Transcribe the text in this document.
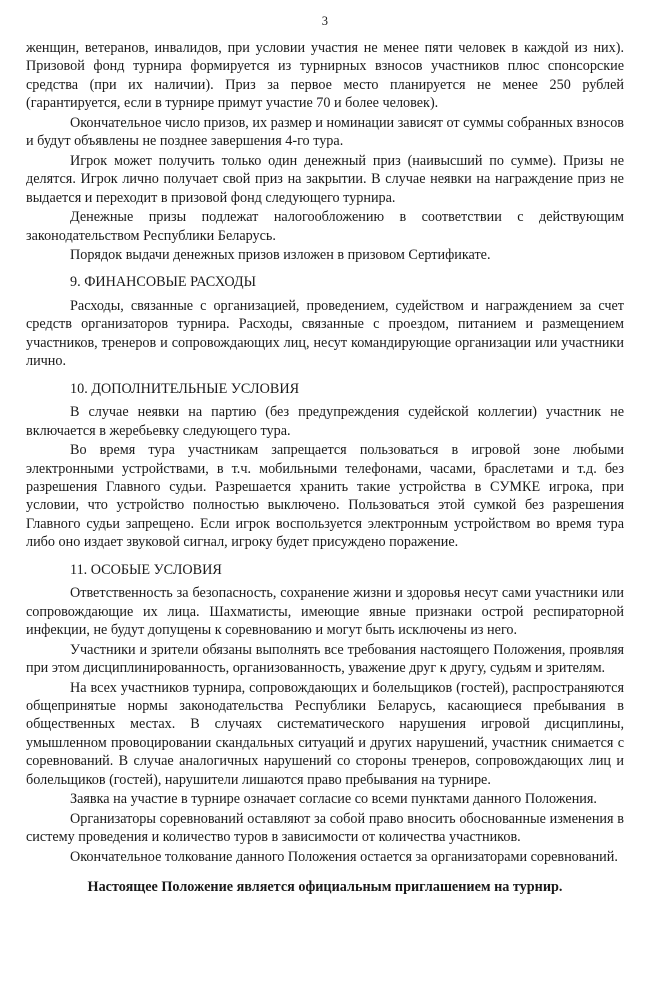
3

женщин, ветеранов, инвалидов, при условии участия не менее пяти человек в каждой из них). Призовой фонд турнира формируется из турнирных взносов участников плюс спонсорские средства (при их наличии). Приз за первое место планируется не менее 250 рублей (гарантируется, если в турнире примут участие 70 и более человек).

Окончательное число призов, их размер и номинации зависят от суммы собранных взносов и будут объявлены не позднее завершения 4-го тура.

Игрок может получить только один денежный приз (наивысший по сумме). Призы не делятся. Игрок лично получает свой приз на закрытии. В случае неявки на награждение приз не выдается и переходит в призовой фонд следующего турнира.

Денежные призы подлежат налогообложению в соответствии с действующим законодательством Республики Беларусь.

Порядок выдачи денежных призов изложен в призовом Сертификате.

9. ФИНАНСОВЫЕ РАСХОДЫ

Расходы, связанные с организацией, проведением, судейством и награждением за счет средств организаторов турнира. Расходы, связанные с проездом, питанием и размещением участников, тренеров и сопровождающих лиц, несут командирующие организации или участники лично.

10. ДОПОЛНИТЕЛЬНЫЕ УСЛОВИЯ

В случае неявки на партию (без предупреждения судейской коллегии) участник не включается в жеребьевку следующего тура.

Во время тура участникам запрещается пользоваться в игровой зоне любыми электронными устройствами, в т.ч. мобильными телефонами, часами, браслетами и т.д. без разрешения Главного судьи. Разрешается хранить такие устройства в СУМКЕ игрока, при условии, что устройство полностью выключено. Пользоваться этой сумкой без разрешения Главного судьи запрещено. Если игрок воспользуется электронным устройством во время тура либо оно издает звуковой сигнал, игроку будет присуждено поражение.

11. ОСОБЫЕ УСЛОВИЯ

Ответственность за безопасность, сохранение жизни и здоровья несут сами участники или сопровождающие их лица. Шахматисты, имеющие явные признаки острой респираторной инфекции, не будут допущены к соревнованию и могут быть исключены из него.

Участники и зрители обязаны выполнять все требования настоящего Положения, проявляя при этом дисциплинированность, организованность, уважение друг к другу, судьям и зрителям.

На всех участников турнира, сопровождающих и болельщиков (гостей), распространяются общепринятые нормы законодательства Республики Беларусь, касающиеся пребывания в общественных местах. В случаях систематического нарушения игровой дисциплины, умышленном провоцировании скандальных ситуаций и других нарушений, участник снимается с соревнований. В случае аналогичных нарушений со стороны тренеров, сопровождающих лиц и болельщиков (гостей), нарушители лишаются право пребывания на турнире.

Заявка на участие в турнире означает согласие со всеми пунктами данного Положения.

Организаторы соревнований оставляют за собой право вносить обоснованные изменения в систему проведения и количество туров в зависимости от количества участников.

Окончательное толкование данного Положения остается за организаторами соревнований.

Настоящее Положение является официальным приглашением на турнир.
